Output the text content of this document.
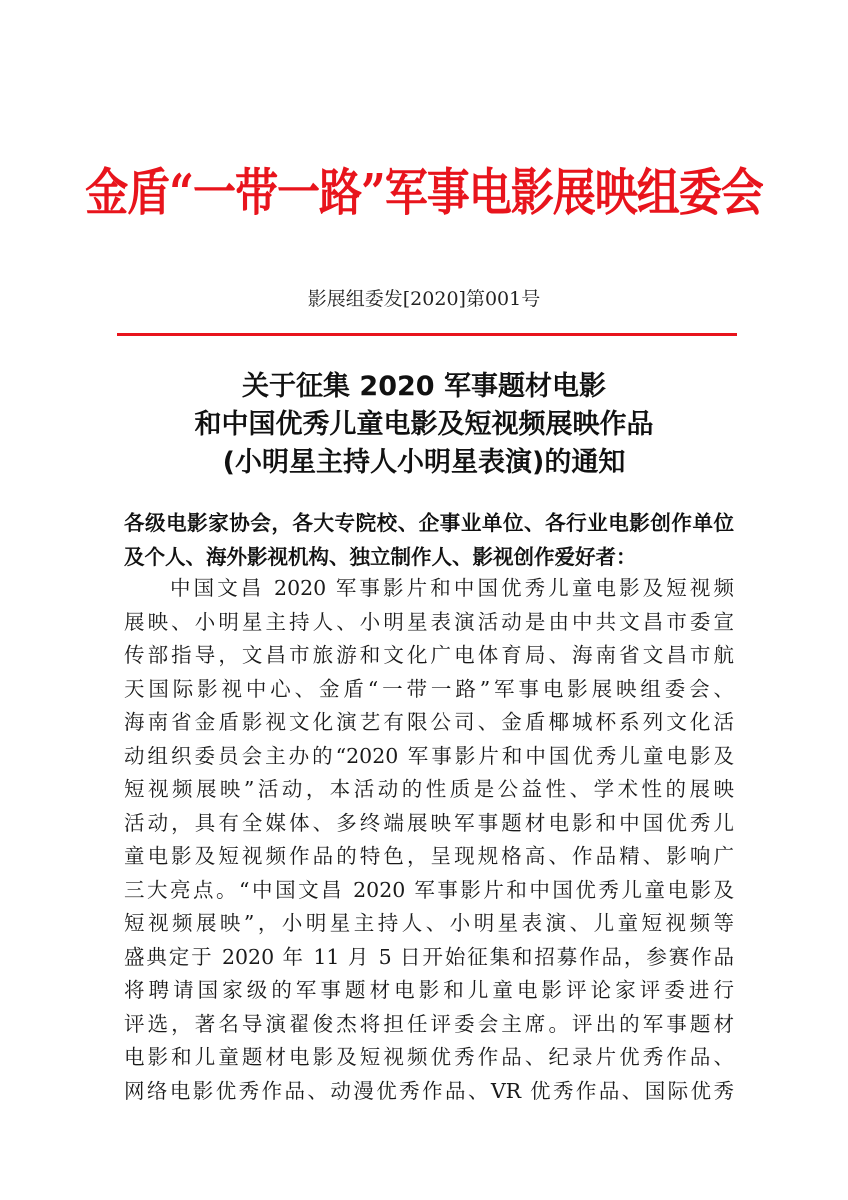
金盾“一带一路”军事电影展映组委会
影展组委发[2020]第001号
关于征集 2020 军事题材电影
和中国优秀儿童电影及短视频展映作品
(小明星主持人小明星表演)的通知
各级电影家协会，各大专院校、企事业单位、各行业电影创作单位及个人、海外影视机构、独立制作人、影视创作爱好者：
中国文昌 2020 军事影片和中国优秀儿童电影及短视频
展映、小明星主持人、小明星表演活动是由中共文昌市委宣
传部指导，文昌市旅游和文化广电体育局、海南省文昌市航
天国际影视中心、金盾“一带一路”军事电影展映组委会、
海南省金盾影视文化演艺有限公司、金盾椰城杯系列文化活
动组织委员会主办的“2020 军事影片和中国优秀儿童电影及
短视频展映”活动，本活动的性质是公益性、学术性的展映
活动，具有全媒体、多终端展映军事题材电影和中国优秀儿
童电影及短视频作品的特色，呈现规格高、作品精、影响广
三大亮点。“中国文昌 2020 军事影片和中国优秀儿童电影及
短视频展映”，小明星主持人、小明星表演、儿童短视频等
盛典定于 2020 年 11 月 5 日开始征集和招募作品，参赛作品
将聘请国家级的军事题材电影和儿童电影评论家评委进行
评选，著名导演翟俊杰将担任评委会主席。评出的军事题材
电影和儿童题材电影及短视频优秀作品、纪录片优秀作品、
网络电影优秀作品、动漫优秀作品、VR 优秀作品、国际优秀
